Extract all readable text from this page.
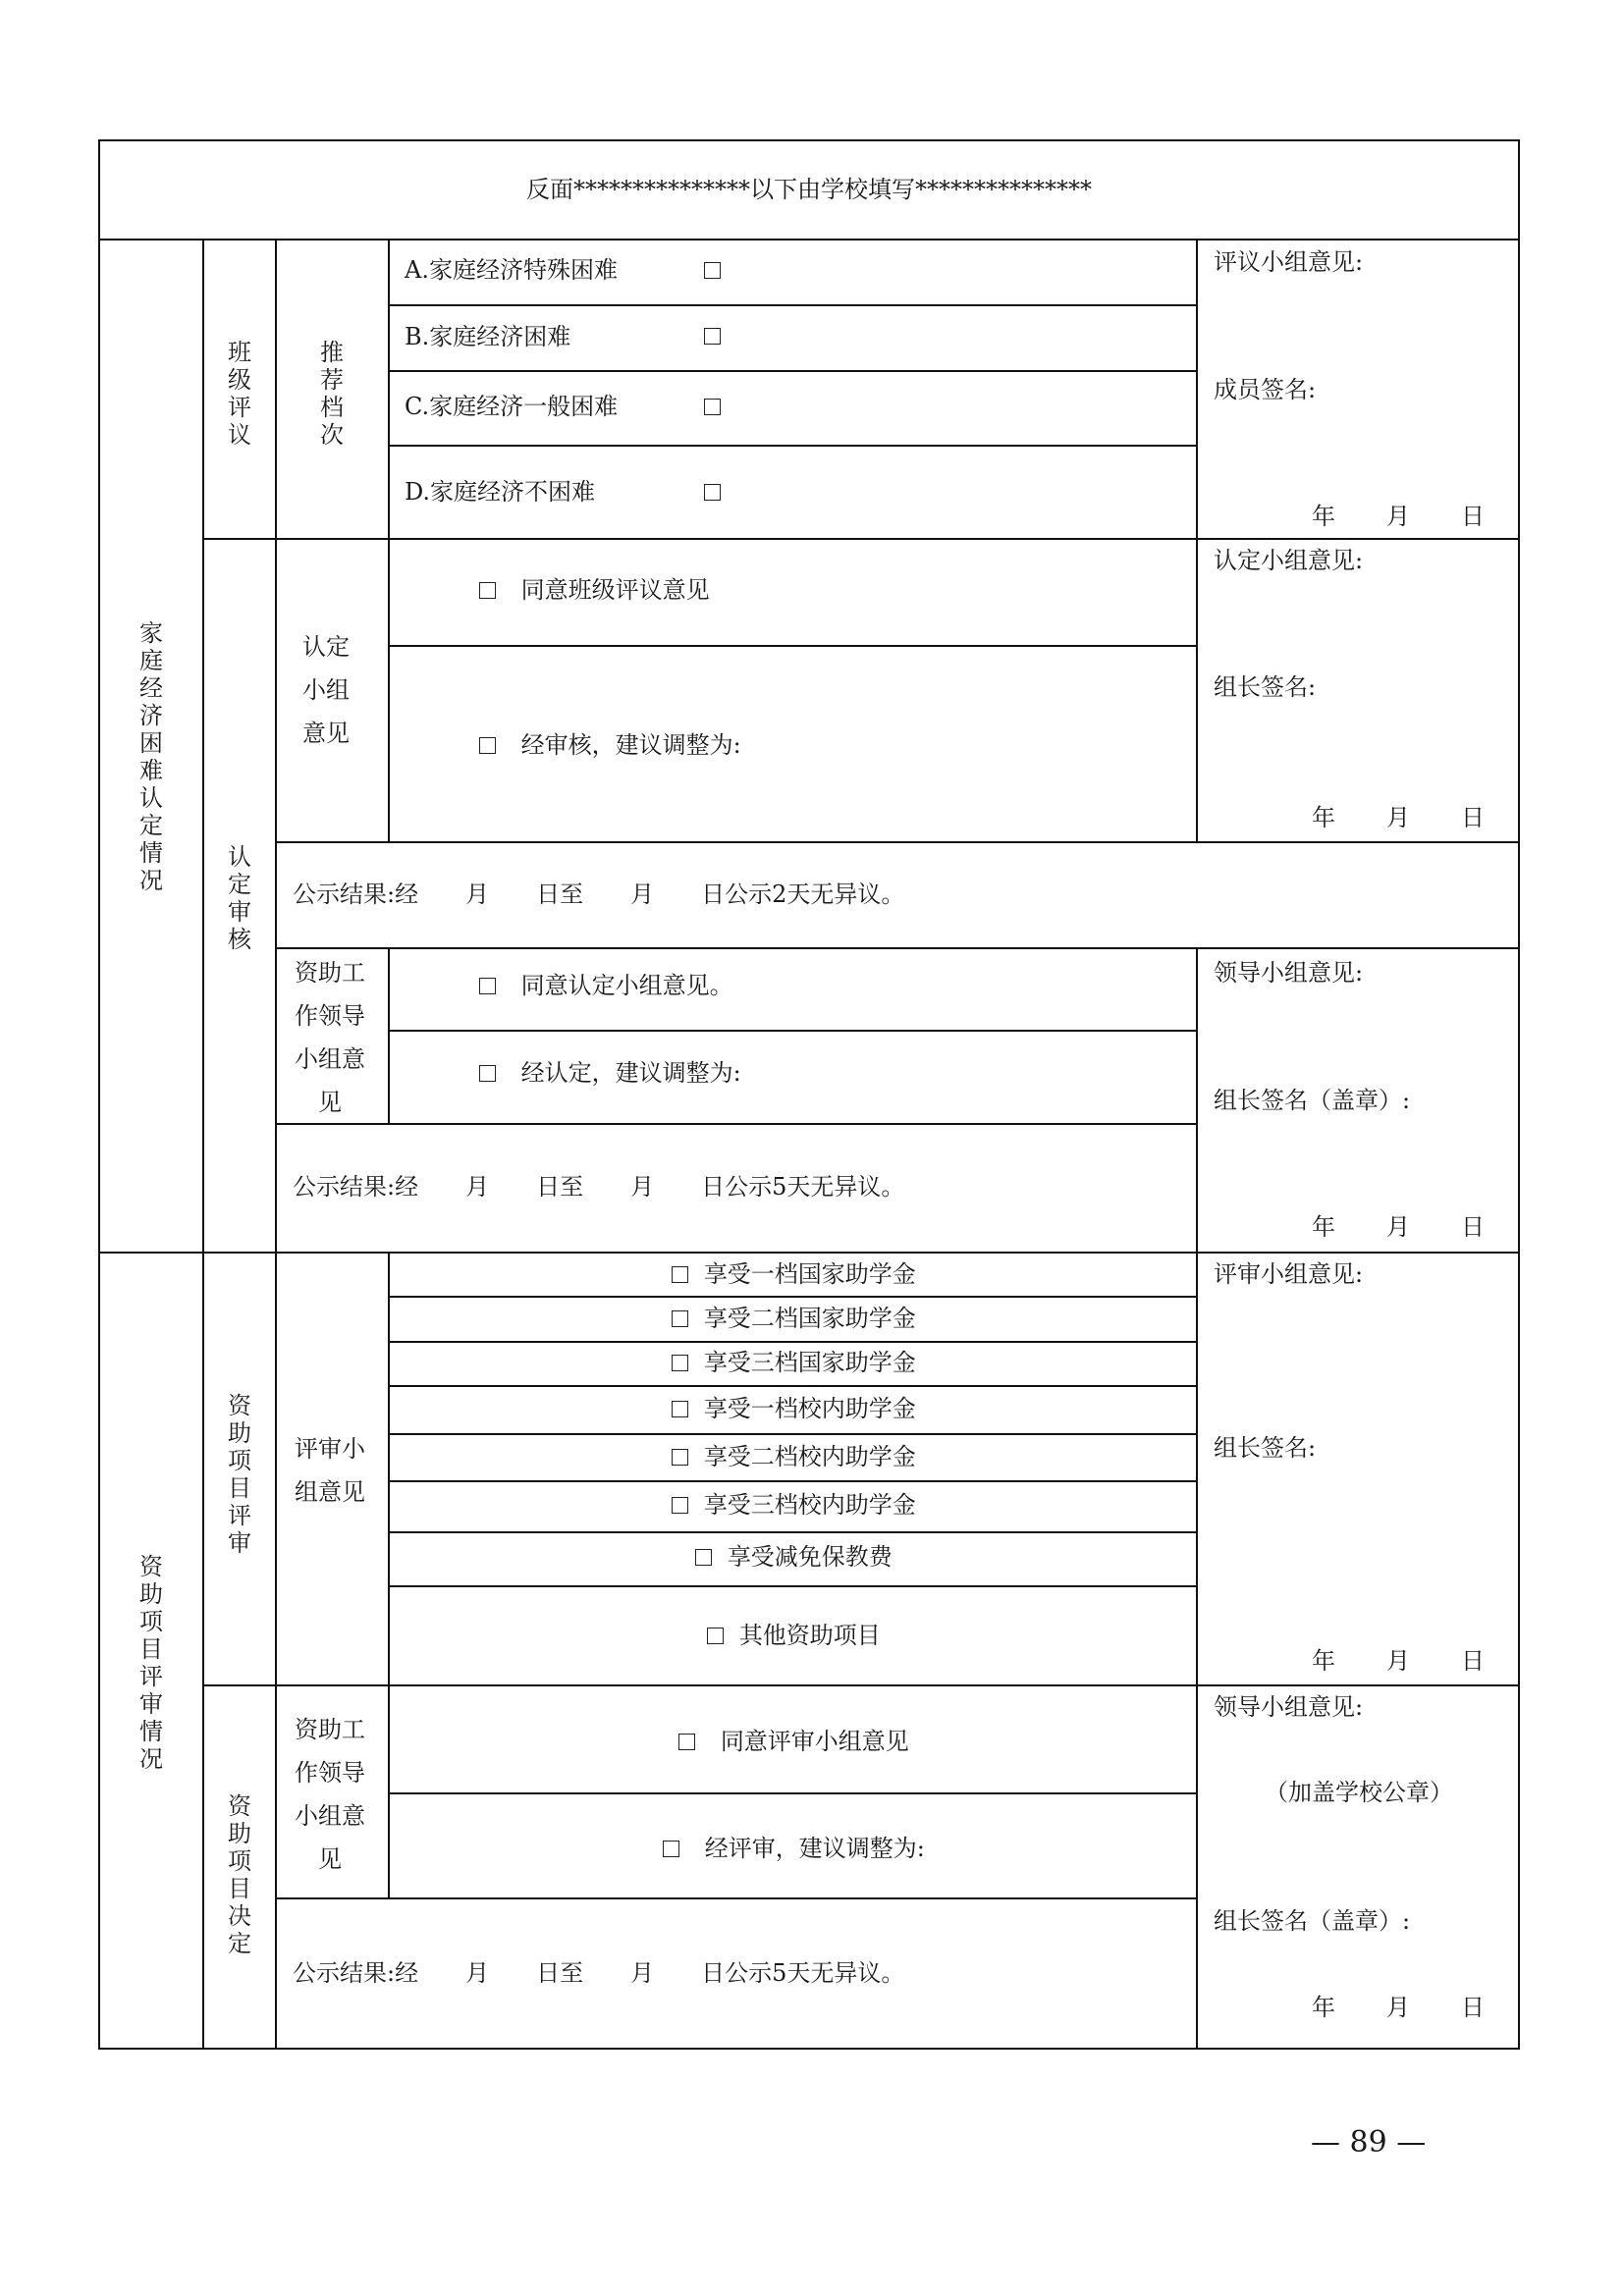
反面***************以下由学校填写***************
家庭经济困难认定情况
班级评议
推荐档次
A.家庭经济特殊困难
B.家庭经济困难
C.家庭经济一般困难
D.家庭经济不困难
评议小组意见:
成员签名:
年 月 日
认定审核
认定小组意见
同意班级评议意见
经审核，建议调整为:
认定小组意见:
组长签名:
年 月 日
公示结果:经　　月　　日至　　月　　日公示2天无异议。
资助工作领导小组意见
同意认定小组意见。
经认定，建议调整为:
领导小组意见:
组长签名（盖章）:
公示结果:经　　月　　日至　　月　　日公示5天无异议。
年 月 日
资助项目评审情况
资助项目评审
评审小组意见
享受一档国家助学金
享受二档国家助学金
享受三档国家助学金
享受一档校内助学金
享受二档校内助学金
享受三档校内助学金
享受减免保教费
其他资助项目
评审小组意见:
组长签名:
年 月 日
资助项目决定
资助工作领导小组意见
同意评审小组意见
经评审，建议调整为:
领导小组意见:
（加盖学校公章）
组长签名（盖章）:
年 月 日
公示结果:经　　月　　日至　　月　　日公示5天无异议。
— 89 —
